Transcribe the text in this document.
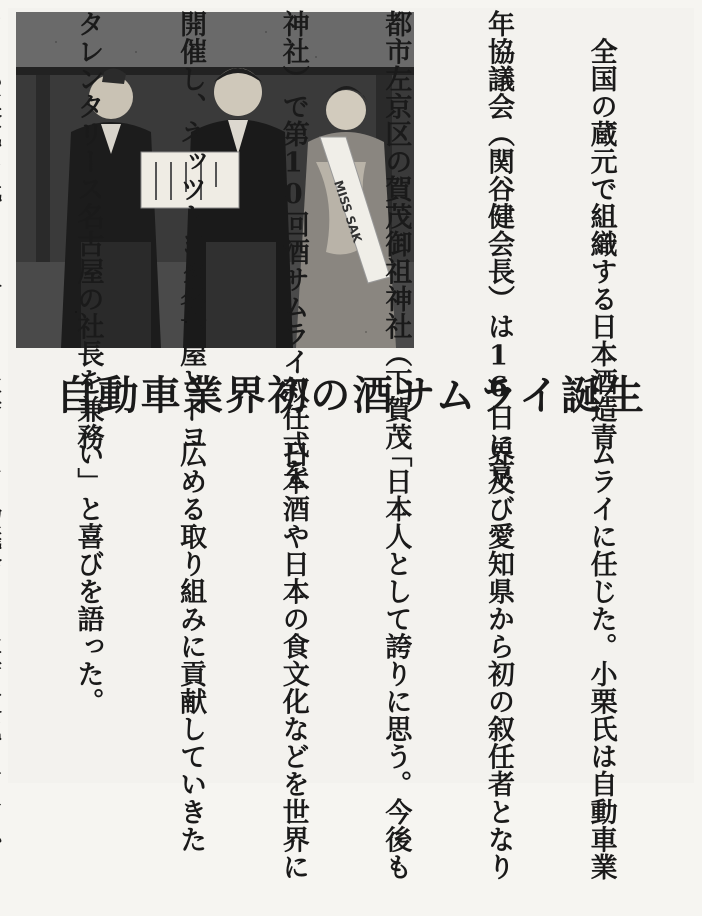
MISS SAK

	　全国の蔵元で組織する日本酒造青

年協議会（関谷健会長）は16日に京

都市左京区の賀茂御祖神社（下賀茂

神社）で第10回酒サムライ叙任式を

開催し、ネッツトヨタ名古屋とトヨ

タレンタリース名古屋の社長を兼務

自動車業界初の酒サムライ誕生

ムライに任じた。小栗氏は自動車業

界及び愛知県から初の叙任者となり

「日本人として誇りに思う。今後も

日本酒や日本の食文化などを世界に

広める取り組みに貢献していきた

い」と喜びを語った。
